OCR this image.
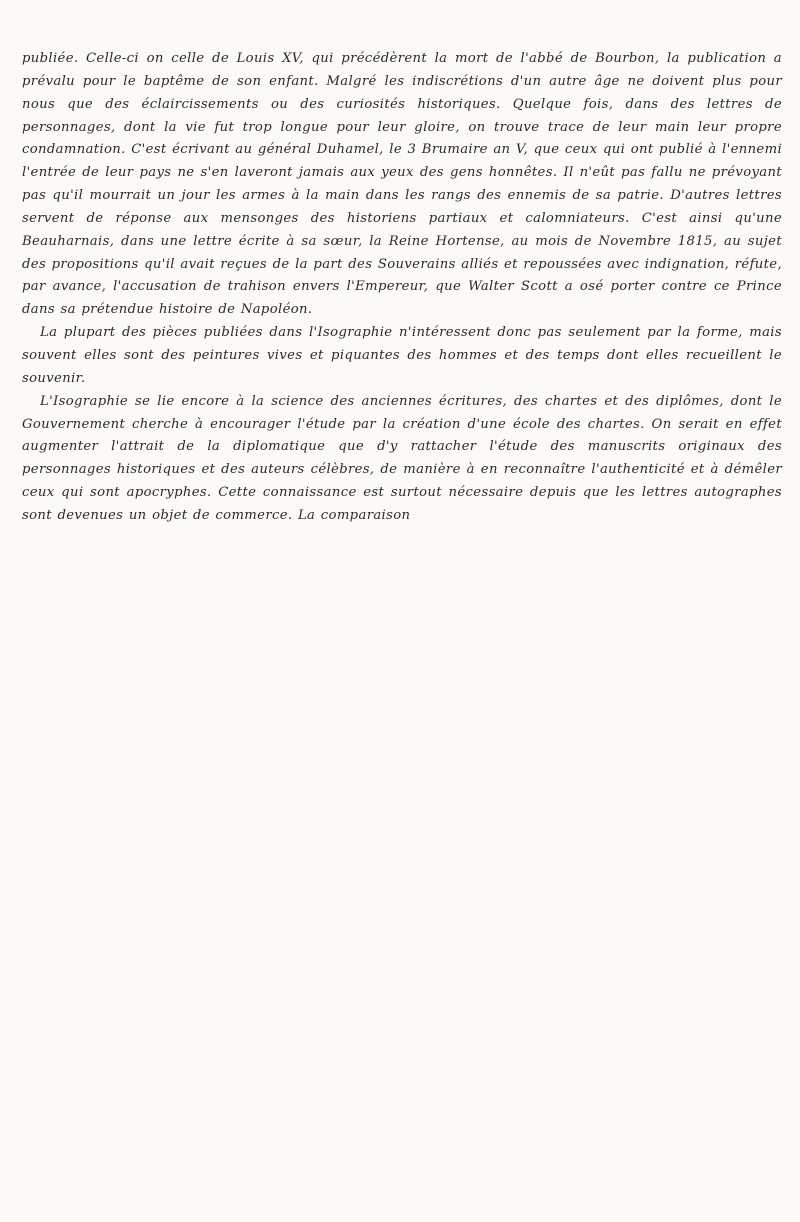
publiée. Celle-ci on celle de Louis XV, qui précédèrent la mort de l'abbé de Bourbon, la publication a prévalu pour le baptême de son enfant. Malgré les indiscrétions d'un autre âge ne doivent plus pour nous que des éclaircissements ou des curiosités historiques. Quelque fois, dans des lettres de personnages, dont la vie fut trop longue pour leur gloire, on trouve trace de leur main leur propre condamnation. C'est écrivant au général Duhamel, le 3 Brumaire an V, que ceux qui ont publié à l'ennemi l'entrée de leur pays ne s'en laveront jamais aux yeux des gens honnêtes. Il n'eût pas fallu ne prévoyant pas qu'il mourrait un jour les armes à la main dans les rangs des ennemis de sa patrie. D'autres lettres servent de réponse aux mensonges des historiens partiaux et calomniateurs. C'est ainsi qu'une Beauharnais, dans une lettre écrite à sa sœur, la Reine Hortense, au mois de Novembre 1815, au sujet des propositions qu'il avait reçues de la part des Souverains alliés et repoussées avec indignation, réfute, par avance, l'accusation de trahison envers l'Empereur, que Walter Scott a osé porter contre ce Prince dans sa prétendue histoire de Napoléon.

La plupart des pièces publiées dans l'Isographie n'intéressent donc pas seulement par la forme, mais souvent elles sont des peintures vives et piquantes des hommes et des temps dont elles recueillent le souvenir.

L'Isographie se lie encore à la science des anciennes écritures, des chartes et des diplômes, dont le Gouvernement cherche à encourager l'étude par la création d'une école des chartes. On serait en effet augmenter l'attrait de la diplomatique que d'y rattacher l'étude des manuscrits originaux des personnages historiques et des auteurs célèbres, de manière à en reconnaître l'authenticité et à démêler ceux qui sont apocryphes. Cette connaissance est surtout nécessaire depuis que les lettres autographes sont devenues un objet de commerce. La comparaison
